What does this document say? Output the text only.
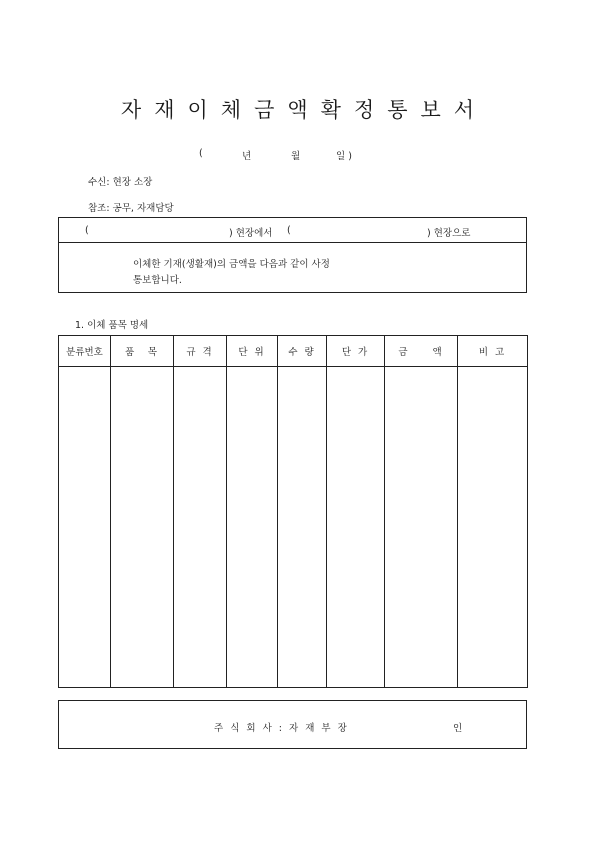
자재이체금액확정통보서
(	년	월	일 )
수신: 현장 소장
참조: 공무, 자재담당
(	) 현장에서 (	) 현장으로
이체한 기재(생활재)의 금액을 다음과 같이 사정
통보합니다.
1. 이체 품목 명세
분류번호	품　목	규 격	단 위	수 량	단 가	금　　액	비 고

주 식 회 사 : 자 재 부 장	인
